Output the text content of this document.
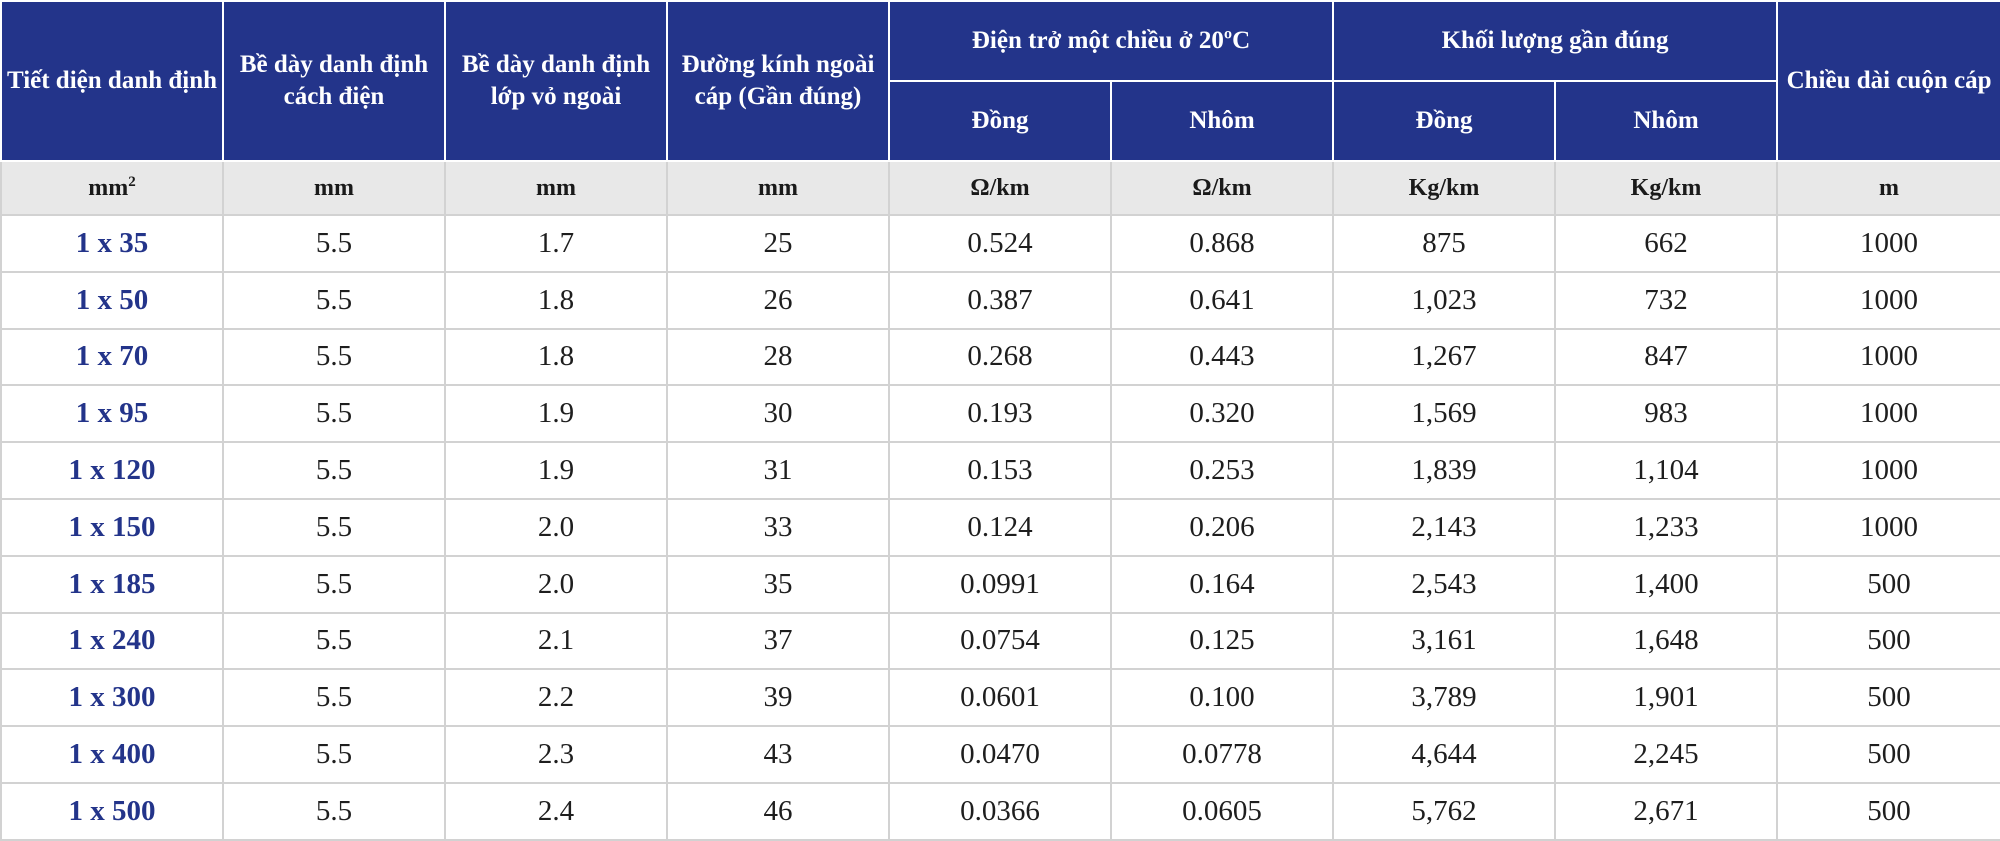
Tiết diện danh định	Bề dày danh định cách điện	Bề dày danh định lớp vỏ ngoài	Đường kính ngoài cáp (Gần đúng)	Điện trở một chiều ở 20ºC		Khối lượng gần đúng		Chiều dài cuộn cáp
				Đồng	Nhôm	Đồng	Nhôm	
$mm^2$	mm	mm	mm	Ω/km	Ω/km	Kg/km	Kg/km	m
1 x 35	5.5	1.7	25	0.524	0.868	875	662	1000
1 x 50	5.5	1.8	26	0.387	0.641	1,023	732	1000
1 x 70	5.5	1.8	28	0.268	0.443	1,267	847	1000
1 x 95	5.5	1.9	30	0.193	0.320	1,569	983	1000
1 x 120	5.5	1.9	31	0.153	0.253	1,839	1,104	1000
1 x 150	5.5	2.0	33	0.124	0.206	2,143	1,233	1000
1 x 185	5.5	2.0	35	0.0991	0.164	2,543	1,400	500
1 x 240	5.5	2.1	37	0.0754	0.125	3,161	1,648	500
1 x 300	5.5	2.2	39	0.0601	0.100	3,789	1,901	500
1 x 400	5.5	2.3	43	0.0470	0.0778	4,644	2,245	500
1 x 500	5.5	2.4	46	0.0366	0.0605	5,762	2,671	500
